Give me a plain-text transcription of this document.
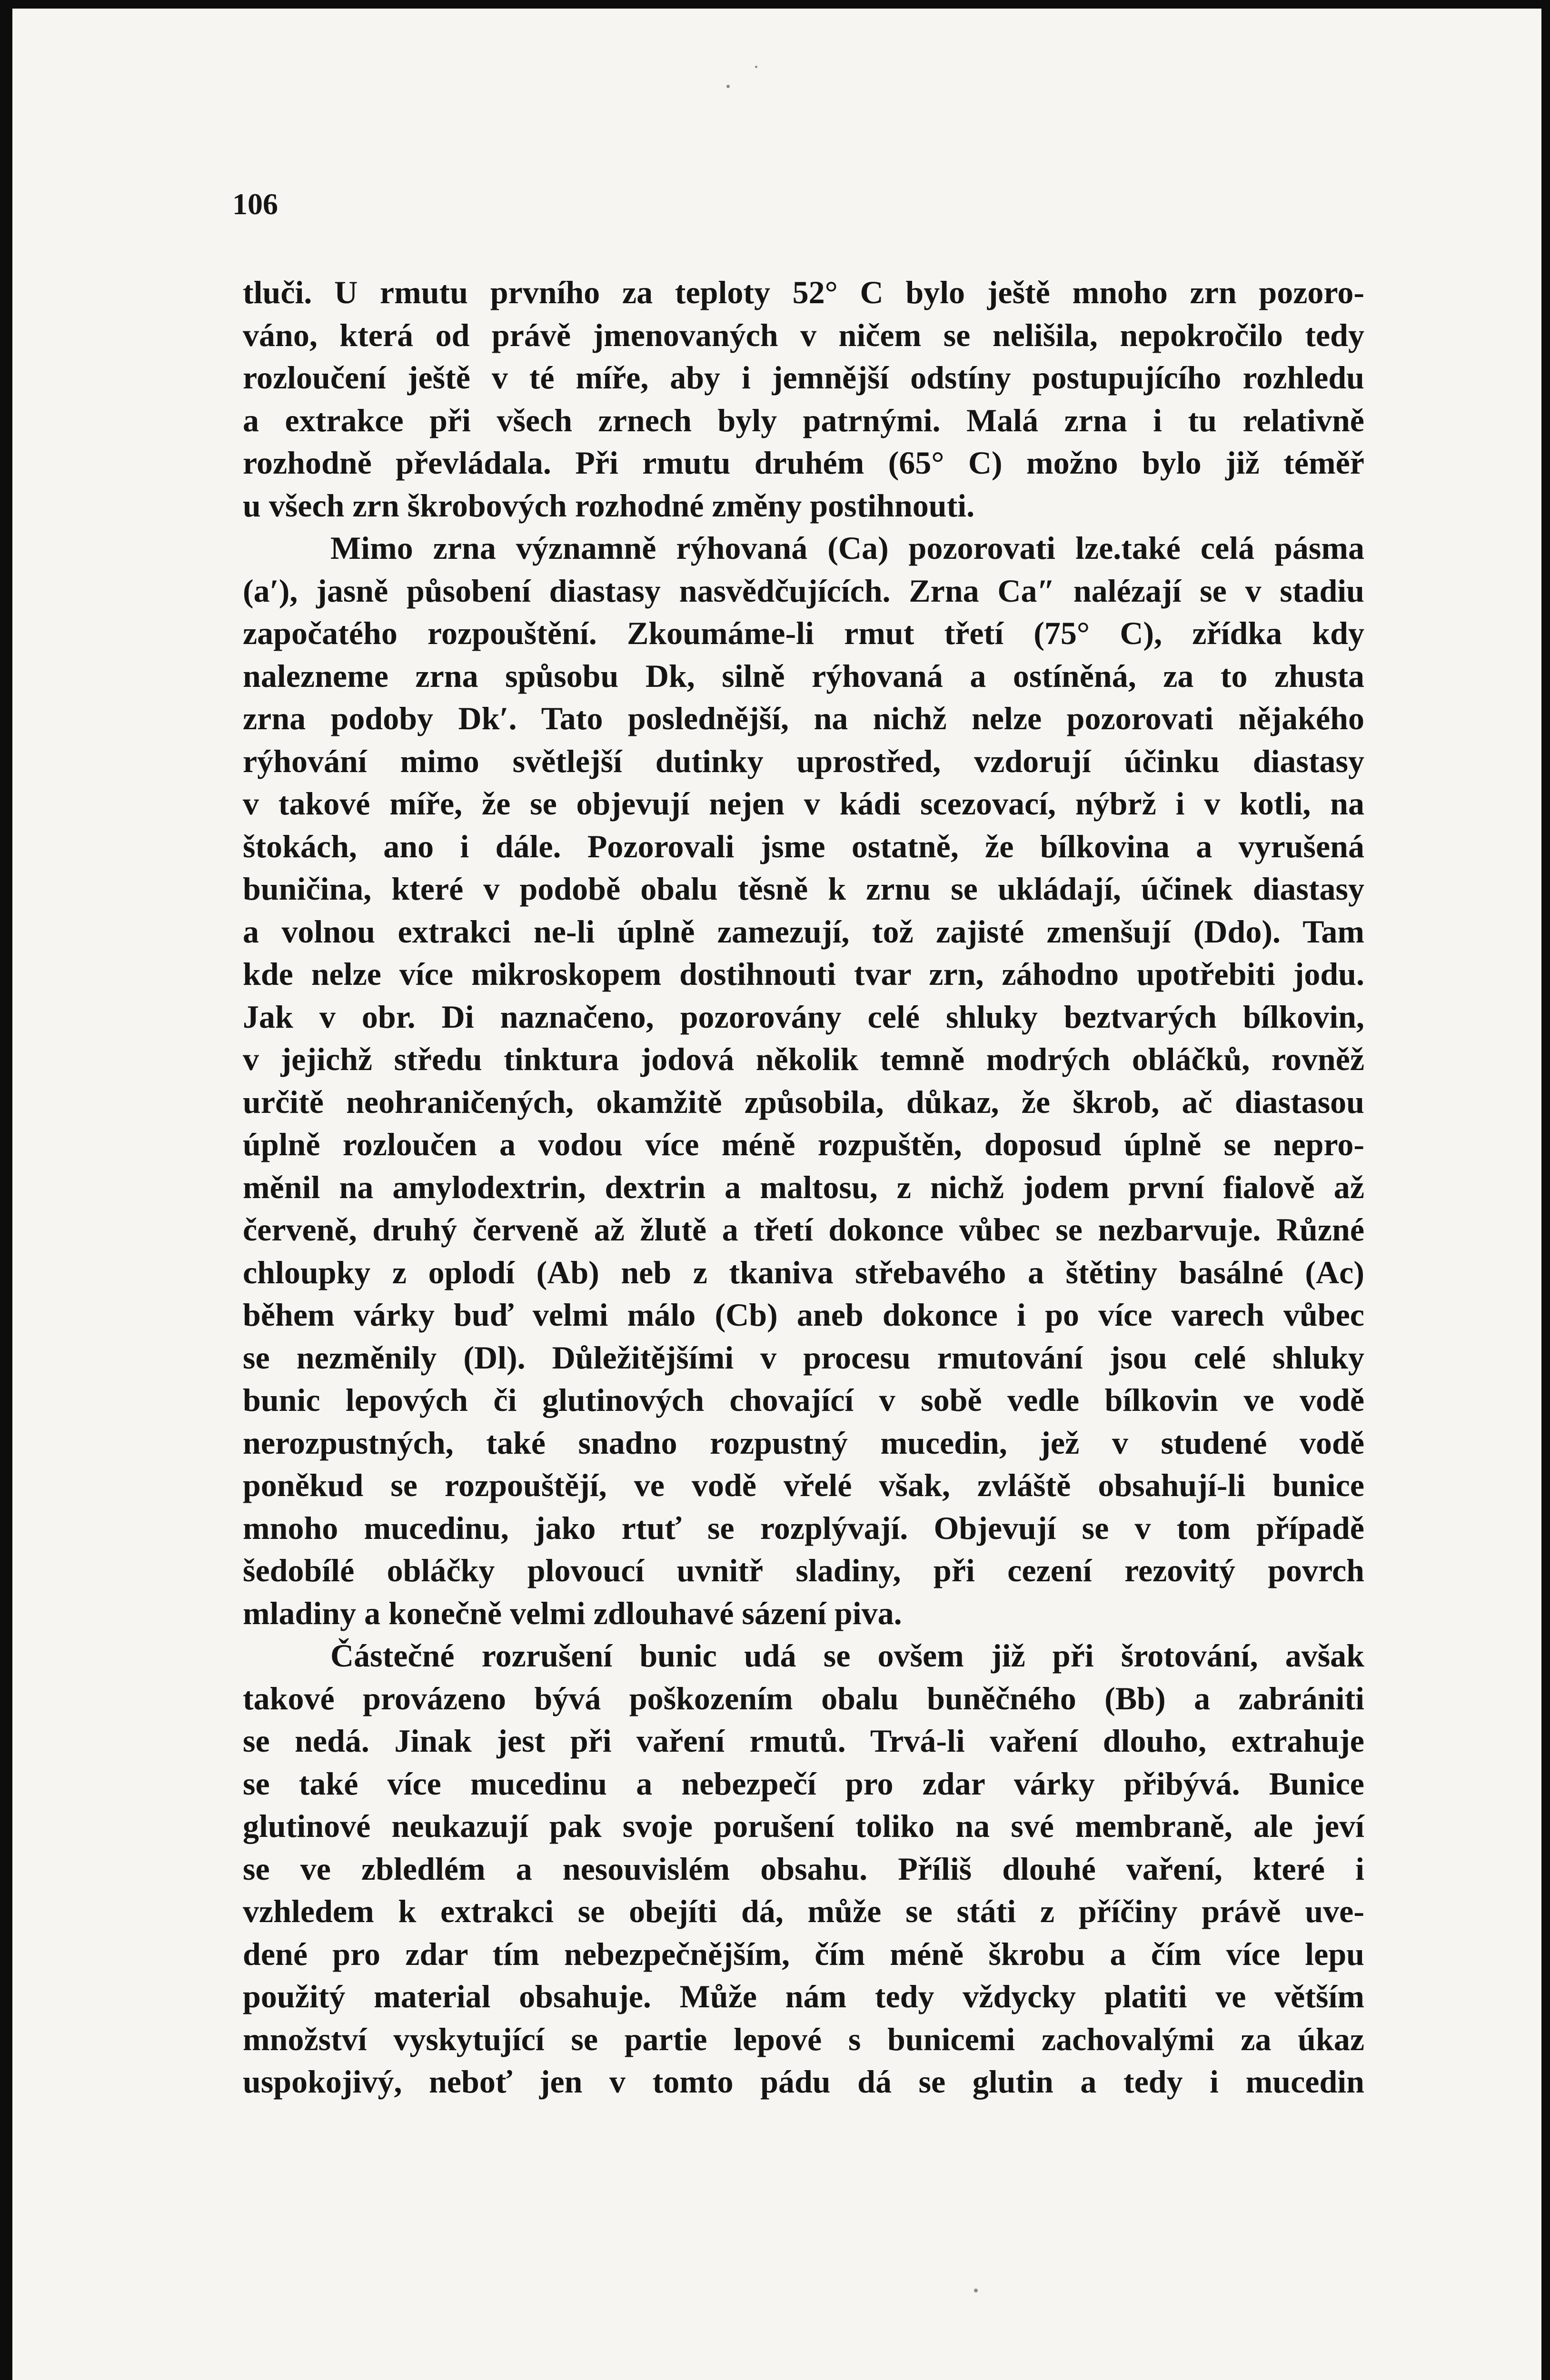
106
tluči. U rmutu prvního za teploty 52° C bylo ještě mnoho zrn pozoro-
váno, která od právě jmenovaných v ničem se nelišila, nepokročilo tedy
rozloučení ještě v té míře, aby i jemnější odstíny postupujícího rozhledu
a extrakce při všech zrnech byly patrnými. Malá zrna i tu relativně
rozhodně převládala. Při rmutu druhém (65° C) možno bylo již téměř
u všech zrn škrobových rozhodné změny postihnouti.
Mimo zrna významně rýhovaná (Ca) pozorovati lze.také celá pásma
(a′), jasně působení diastasy nasvědčujících. Zrna Ca″ nalézají se v stadiu
započatého rozpouštění. Zkoumáme-li rmut třetí (75° C), zřídka kdy
nalezneme zrna spůsobu Dk, silně rýhovaná a ostíněná, za to zhusta
zrna podoby Dk′. Tato poslednější, na nichž nelze pozorovati nějakého
rýhování mimo světlejší dutinky uprostřed, vzdorují účinku diastasy
v takové míře, že se objevují nejen v kádi scezovací, nýbrž i v kotli, na
štokách, ano i dále. Pozorovali jsme ostatně, že bílkovina a vyrušená
buničina, které v podobě obalu těsně k zrnu se ukládají, účinek diastasy
a volnou extrakci ne-li úplně zamezují, tož zajisté zmenšují (Ddo). Tam
kde nelze více mikroskopem dostihnouti tvar zrn, záhodno upotřebiti jodu.
Jak v obr. Di naznačeno, pozorovány celé shluky beztvarých bílkovin,
v jejichž středu tinktura jodová několik temně modrých obláčků, rovněž
určitě neohraničených, okamžitě způsobila, důkaz, že škrob, ač diastasou
úplně rozloučen a vodou více méně rozpuštěn, doposud úplně se nepro-
měnil na amylodextrin, dextrin a maltosu, z nichž jodem první fialově až
červeně, druhý červeně až žlutě a třetí dokonce vůbec se nezbarvuje. Různé
chloupky z oplodí (Ab) neb z tkaniva střebavého a štětiny basálné (Ac)
během várky buď velmi málo (Cb) aneb dokonce i po více varech vůbec
se nezměnily (Dl). Důležitějšími v procesu rmutování jsou celé shluky
bunic lepových či glutinových chovající v sobě vedle bílkovin ve vodě
nerozpustných, také snadno rozpustný mucedin, jež v studené vodě
poněkud se rozpouštějí, ve vodě vřelé však, zvláště obsahují-li bunice
mnoho mucedinu, jako rtuť se rozplývají. Objevují se v tom případě
šedobílé obláčky plovoucí uvnitř sladiny, při cezení rezovitý povrch
mladiny a konečně velmi zdlouhavé sázení piva.
Částečné rozrušení bunic udá se ovšem již při šrotování, avšak
takové provázeno bývá poškozením obalu buněčného (Bb) a zabrániti
se nedá. Jinak jest při vaření rmutů. Trvá-li vaření dlouho, extrahuje
se také více mucedinu a nebezpečí pro zdar várky přibývá. Bunice
glutinové neukazují pak svoje porušení toliko na své membraně, ale jeví
se ve zbledlém a nesouvislém obsahu. Příliš dlouhé vaření, které i
vzhledem k extrakci se obejíti dá, může se státi z příčiny právě uve-
dené pro zdar tím nebezpečnějším, čím méně škrobu a čím více lepu
použitý material obsahuje. Může nám tedy vždycky platiti ve větším
množství vyskytující se partie lepové s bunicemi zachovalými za úkaz
uspokojivý, neboť jen v tomto pádu dá se glutin a tedy i mucedin
